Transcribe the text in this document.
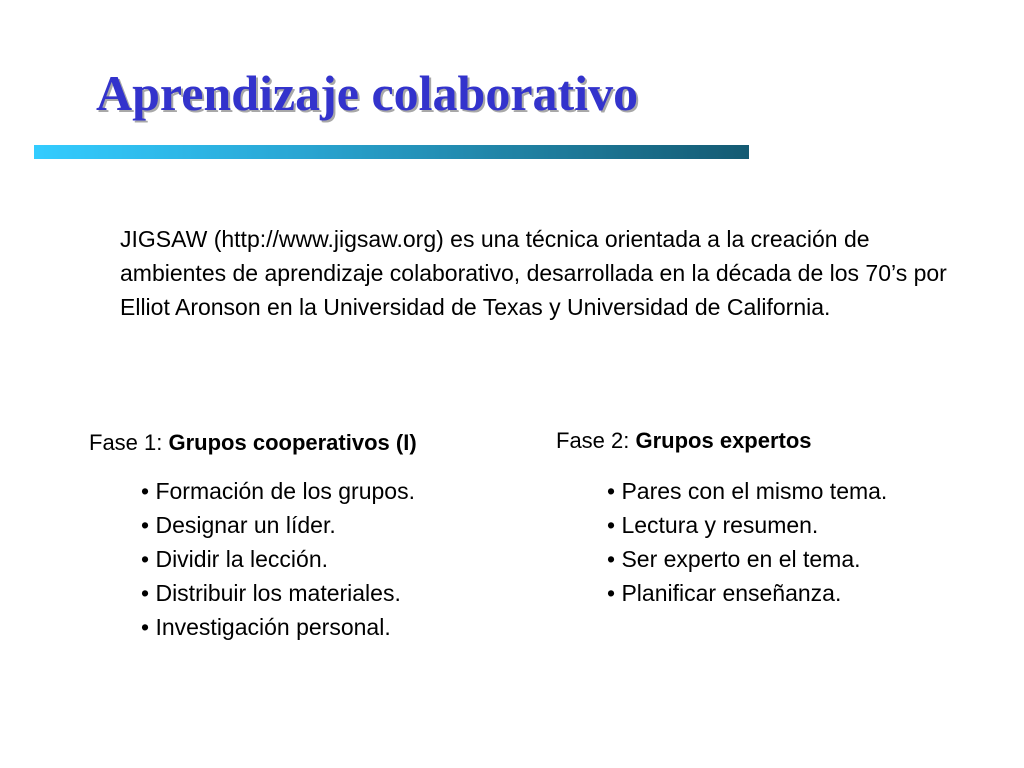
Aprendizaje colaborativo

JIGSAW (http://www.jigsaw.org) es una técnica orientada a la creación de ambientes de aprendizaje colaborativo, desarrollada en la década de los 70’s por Elliot Aronson en la Universidad de Texas y Universidad de California.

Fase 1: Grupos cooperativos (I)

• Formación de los grupos.
• Designar un líder.
• Dividir la lección.
• Distribuir los materiales.
• Investigación personal.

Fase 2: Grupos expertos

• Pares con el mismo tema.
• Lectura y resumen.
• Ser experto en el tema.
• Planificar enseñanza.
